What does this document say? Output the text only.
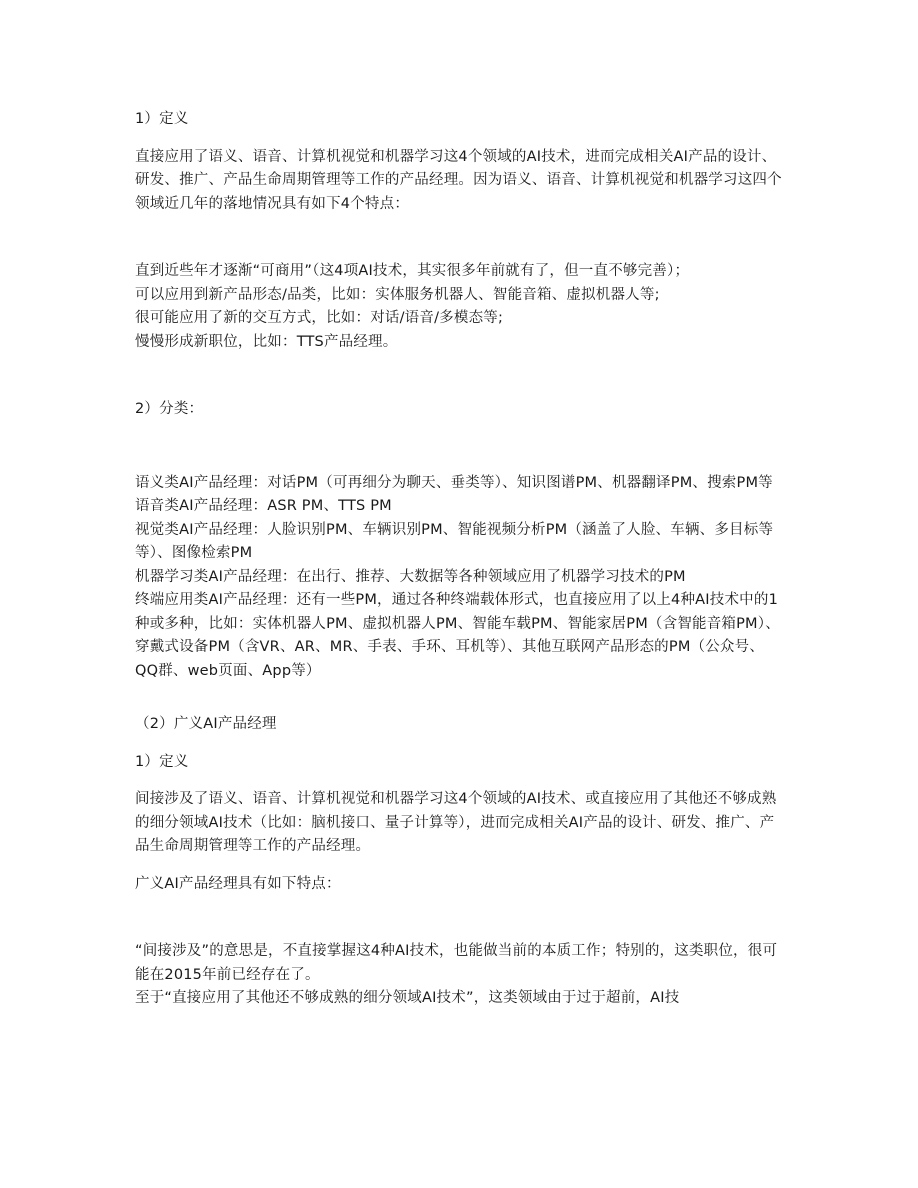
1）定义

直接应用了语义、语音、计算机视觉和机器学习这4个领域的AI技术，进而完成相关AI产品的设计、研发、推广、产品生命周期管理等工作的产品经理。因为语义、语音、计算机视觉和机器学习这四个领域近几年的落地情况具有如下4个特点：

直到近些年才逐渐“可商用”（这4项AI技术，其实很多年前就有了，但一直不够完善）；

可以应用到新产品形态/品类，比如：实体服务机器人、智能音箱、虚拟机器人等;

很可能应用了新的交互方式，比如：对话/语音/多模态等;

慢慢形成新职位，比如：TTS产品经理。

2）分类：

语义类AI产品经理：对话PM（可再细分为聊天、垂类等）、知识图谱PM、机器翻译PM、搜索PM等

语音类AI产品经理：ASR PM、TTS PM

视觉类AI产品经理：人脸识别PM、车辆识别PM、智能视频分析PM（涵盖了人脸、车辆、多目标等等）、图像检索PM

机器学习类AI产品经理：在出行、推荐、大数据等各种领域应用了机器学习技术的PM

终端应用类AI产品经理：还有一些PM，通过各种终端载体形式，也直接应用了以上4种AI技术中的1种或多种，比如：实体机器人PM、虚拟机器人PM、智能车载PM、智能家居PM（含智能音箱PM）、穿戴式设备PM（含VR、AR、MR、手表、手环、耳机等）、其他互联网产品形态的PM（公众号、QQ群、web页面、App等）

（2）广义AI产品经理

1）定义

间接涉及了语义、语音、计算机视觉和机器学习这4个领域的AI技术、或直接应用了其他还不够成熟的细分领域AI技术（比如：脑机接口、量子计算等），进而完成相关AI产品的设计、研发、推广、产品生命周期管理等工作的产品经理。

广义AI产品经理具有如下特点：

“间接涉及”的意思是，不直接掌握这4种AI技术，也能做当前的本质工作；特别的，这类职位，很可能在2015年前已经存在了。

至于“直接应用了其他还不够成熟的细分领域AI技术”，这类领域由于过于超前，AI技
